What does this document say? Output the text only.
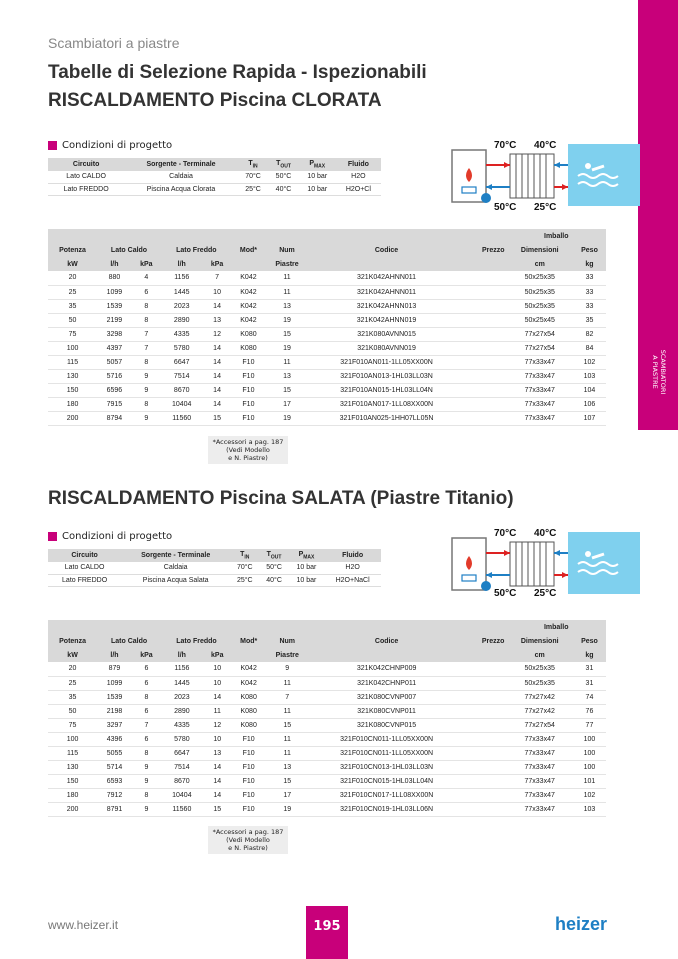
SCAMBIATORI
A PIASTRE
Scambiatori a piastre
Tabelle di Selezione Rapida - Ispezionabili
RISCALDAMENTO Piscina CLORATA
Condizioni di progetto
Circuito	Sorgente - Terminale	$T_{IN}$	$T_{OUT}$	$P_{MAX}$	Fluido
Lato CALDO	Caldaia	70°C	50°C	10 bar	H2O
Lato FREDDO	Piscina Acqua Clorata	25°C	40°C	10 bar	H2O+Cl
70°C 40°C
50°C 25°C
									Imballo	
Potenza	Lato Caldo		Lato Freddo		Mod*	Num	Codice	Prezzo	Dimensioni	Peso
kW	l/h	kPa	l/h	kPa		Piastre			cm	kg
20	880	4	1156	7	K042	11	321K042AHNN011		50x25x35	33
25	1099	6	1445	10	K042	11	321K042AHNN011		50x25x35	33
35	1539	8	2023	14	K042	13	321K042AHNN013		50x25x35	33
50	2199	8	2890	13	K042	19	321K042AHNN019		50x25x45	35
75	3298	7	4335	12	K080	15	321K080AVNN015		77x27x54	82
100	4397	7	5780	14	K080	19	321K080AVNN019		77x27x54	84
115	5057	8	6647	14	F10	11	321F010AN011-1LL05XX00N		77x33x47	102
130	5716	9	7514	14	F10	13	321F010AN013-1HL03LL03N		77x33x47	103
150	6596	9	8670	14	F10	15	321F010AN015-1HL03LL04N		77x33x47	104
180	7915	8	10404	14	F10	17	321F010AN017-1LL08XX00N		77x33x47	106
200	8794	9	11560	15	F10	19	321F010AN025-1HH07LL05N		77x33x47	107
*Accessori a pag. 187
(Vedi Modello
e N. Piastre)
RISCALDAMENTO Piscina SALATA (Piastre Titanio)
Condizioni di progetto
Circuito	Sorgente - Terminale	$T_{IN}$	$T_{OUT}$	$P_{MAX}$	Fluido
Lato CALDO	Caldaia	70°C	50°C	10 bar	H2O
Lato FREDDO	Piscina Acqua Salata	25°C	40°C	10 bar	H2O+NaCl
70°C 40°C
50°C 25°C
									Imballo	
Potenza	Lato Caldo		Lato Freddo		Mod*	Num	Codice	Prezzo	Dimensioni	Peso
kW	l/h	kPa	l/h	kPa		Piastre			cm	kg
20	879	6	1156	10	K042	9	321K042CHNP009		50x25x35	31
25	1099	6	1445	10	K042	11	321K042CHNP011		50x25x35	31
35	1539	8	2023	14	K080	7	321K080CVNP007		77x27x42	74
50	2198	6	2890	11	K080	11	321K080CVNP011		77x27x42	76
75	3297	7	4335	12	K080	15	321K080CVNP015		77x27x54	77
100	4396	6	5780	10	F10	11	321F010CN011-1LL05XX00N		77x33x47	100
115	5055	8	6647	13	F10	11	321F010CN011-1LL05XX00N		77x33x47	100
130	5714	9	7514	14	F10	13	321F010CN013-1HL03LL03N		77x33x47	100
150	6593	9	8670	14	F10	15	321F010CN015-1HL03LL04N		77x33x47	101
180	7912	8	10404	14	F10	17	321F010CN017-1LL08XX00N		77x33x47	102
200	8791	9	11560	15	F10	19	321F010CN019-1HL03LL06N		77x33x47	103
*Accessori a pag. 187
(Vedi Modello
e N. Piastre)
www.heizer.it	195	heizer
